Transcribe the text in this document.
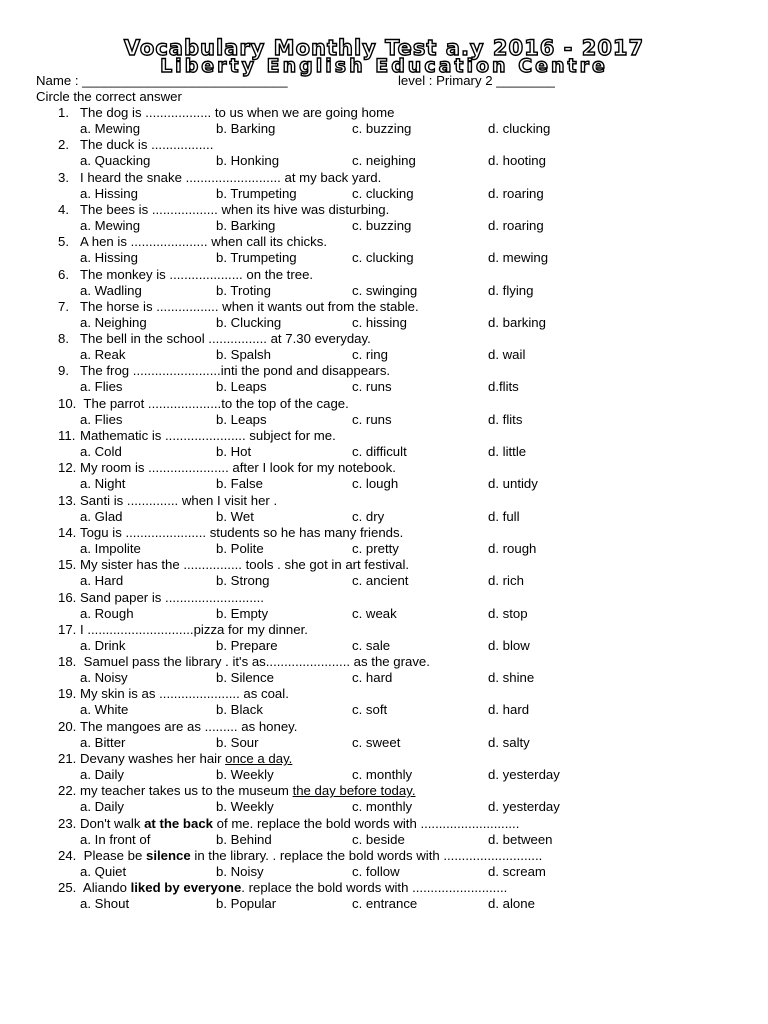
Vocabulary Monthly Test a.y 2016 - 2017
Liberty English Education Centre
Name : ____________________________	level : Primary 2 ________
Circle the correct answer
1. The dog is .................. to us when we are going home
a. Mewing	b. Barking	c. buzzing	d. clucking
2. The duck is .................
a. Quacking	b. Honking	c. neighing	d. hooting
3. I heard the snake .......................... at my back yard.
a. Hissing	b. Trumpeting	c. clucking	d. roaring
4. The bees is .................. when its hive was disturbing.
a. Mewing	b. Barking	c. buzzing	d. roaring
5. A hen is ..................... when call its chicks.
a. Hissing	b. Trumpeting	c. clucking	d. mewing
6. The monkey is .................... on the tree.
a. Wadling	b. Troting	c. swinging	d. flying
7. The horse is ................. when it wants out from the stable.
a. Neighing	b. Clucking	c. hissing	d. barking
8. The bell in the school ................ at 7.30 everyday.
a. Reak	b. Spalsh	c. ring	d. wail
9. The frog ........................inti the pond and disappears.
a. Flies	b. Leaps	c. runs	d.flits
10. The parrot ....................to the top of the cage.
a. Flies	b. Leaps	c. runs	d. flits
11. Mathematic is ...................... subject for me.
a. Cold	b. Hot	c. difficult	d. little
12. My room is ...................... after I look for my notebook.
a. Night	b. False	c. lough	d. untidy
13. Santi is .............. when I visit her .
a. Glad	b. Wet	c. dry	d. full
14. Togu is ...................... students so he has many friends.
a. Impolite	b. Polite	c. pretty	d. rough
15. My sister has the ................ tools . she got in art festival.
a. Hard	b. Strong	c. ancient	d. rich
16. Sand paper is ...........................
a. Rough	b. Empty	c. weak	d. stop
17. I .............................pizza for my dinner.
a. Drink	b. Prepare	c. sale	d. blow
18. Samuel pass the library . it's as....................... as the grave.
a. Noisy	b. Silence	c. hard	d. shine
19. My skin is as ...................... as coal.
a. White	b. Black	c. soft	d. hard
20. The mangoes are as ......... as honey.
a. Bitter	b. Sour	c. sweet	d. salty
21. Devany washes her hair once a day.
a. Daily	b. Weekly	c. monthly	d. yesterday
22. my teacher takes us to the museum the day before today.
a. Daily	b. Weekly	c. monthly	d. yesterday
23. Don't walk at the back of me. replace the bold words with ...........................
a. In front of	b. Behind	c. beside	d. between
24. Please be silence in the library. . replace the bold words with ...........................
a. Quiet	b. Noisy	c. follow	d. scream
25. Aliando liked by everyone. replace the bold words with ..........................
a. Shout	b. Popular	c. entrance	d. alone
